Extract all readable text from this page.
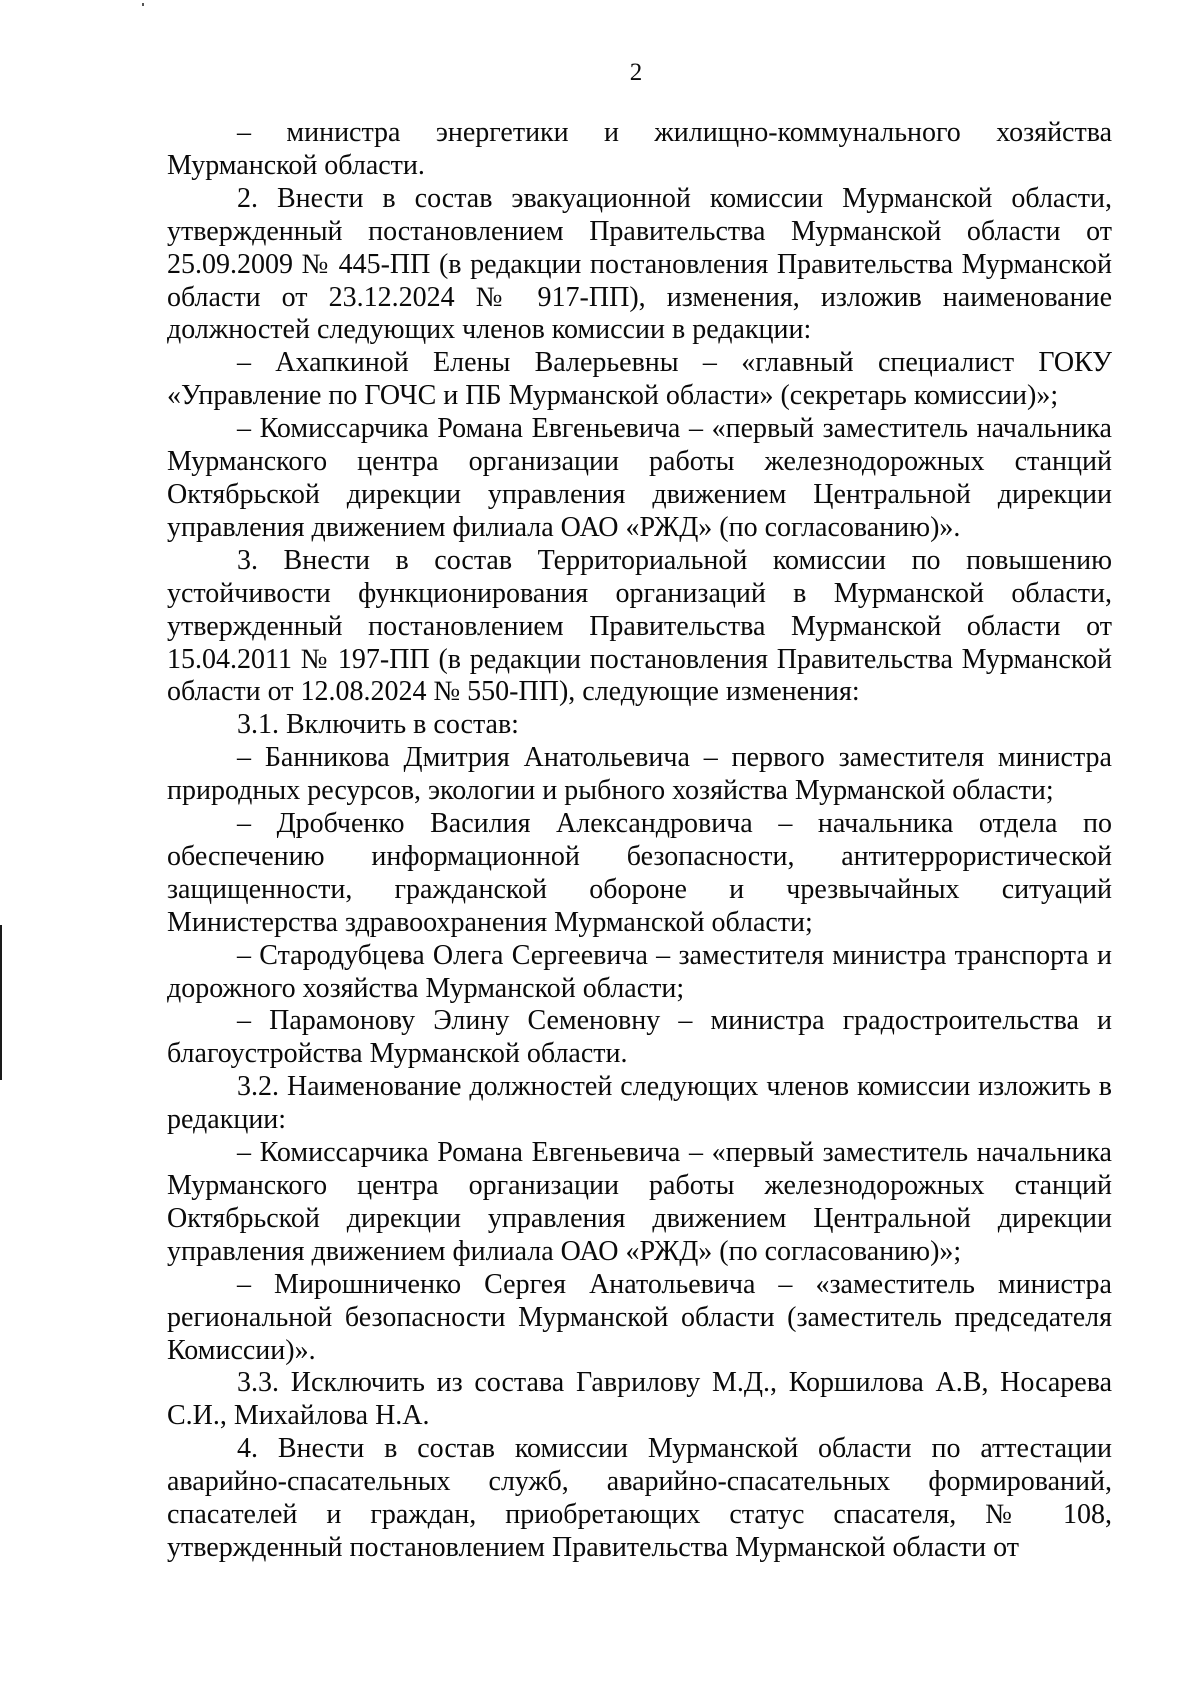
2

– министра энергетики и жилищно-коммунального хозяйства Мурманской области.

2. Внести в состав эвакуационной комиссии Мурманской области, утвержденный постановлением Правительства Мурманской области от 25.09.2009 № 445-ПП (в редакции постановления Правительства Мурманской области от 23.12.2024 № 917-ПП), изменения, изложив наименование должностей следующих членов комиссии в редакции:

– Ахапкиной Елены Валерьевны – «главный специалист ГОКУ «Управление по ГОЧС и ПБ Мурманской области» (секретарь комиссии)»;

– Комиссарчика Романа Евгеньевича – «первый заместитель начальника Мурманского центра организации работы железнодорожных станций Октябрьской дирекции управления движением Центральной дирекции управления движением филиала ОАО «РЖД» (по согласованию)».

3. Внести в состав Территориальной комиссии по повышению устойчивости функционирования организаций в Мурманской области, утвержденный постановлением Правительства Мурманской области от 15.04.2011 № 197-ПП (в редакции постановления Правительства Мурманской области от 12.08.2024 № 550-ПП), следующие изменения:

3.1. Включить в состав:

– Банникова Дмитрия Анатольевича – первого заместителя министра природных ресурсов, экологии и рыбного хозяйства Мурманской области;

– Дробченко Василия Александровича – начальника отдела по обеспечению информационной безопасности, антитеррористической защищенности, гражданской обороне и чрезвычайных ситуаций Министерства здравоохранения Мурманской области;

– Стародубцева Олега Сергеевича – заместителя министра транспорта и дорожного хозяйства Мурманской области;

– Парамонову Элину Семеновну – министра градостроительства и благоустройства Мурманской области.

3.2. Наименование должностей следующих членов комиссии изложить в редакции:

– Комиссарчика Романа Евгеньевича – «первый заместитель начальника Мурманского центра организации работы железнодорожных станций Октябрьской дирекции управления движением Центральной дирекции управления движением филиала ОАО «РЖД» (по согласованию)»;

– Мирошниченко Сергея Анатольевича – «заместитель министра региональной безопасности Мурманской области (заместитель председателя Комиссии)».

3.3. Исключить из состава Гаврилову М.Д., Коршилова А.В, Носарева С.И., Михайлова Н.А.

4. Внести в состав комиссии Мурманской области по аттестации аварийно-спасательных служб, аварийно-спасательных формирований, спасателей и граждан, приобретающих статус спасателя, № 108, утвержденный постановлением Правительства Мурманской области от
